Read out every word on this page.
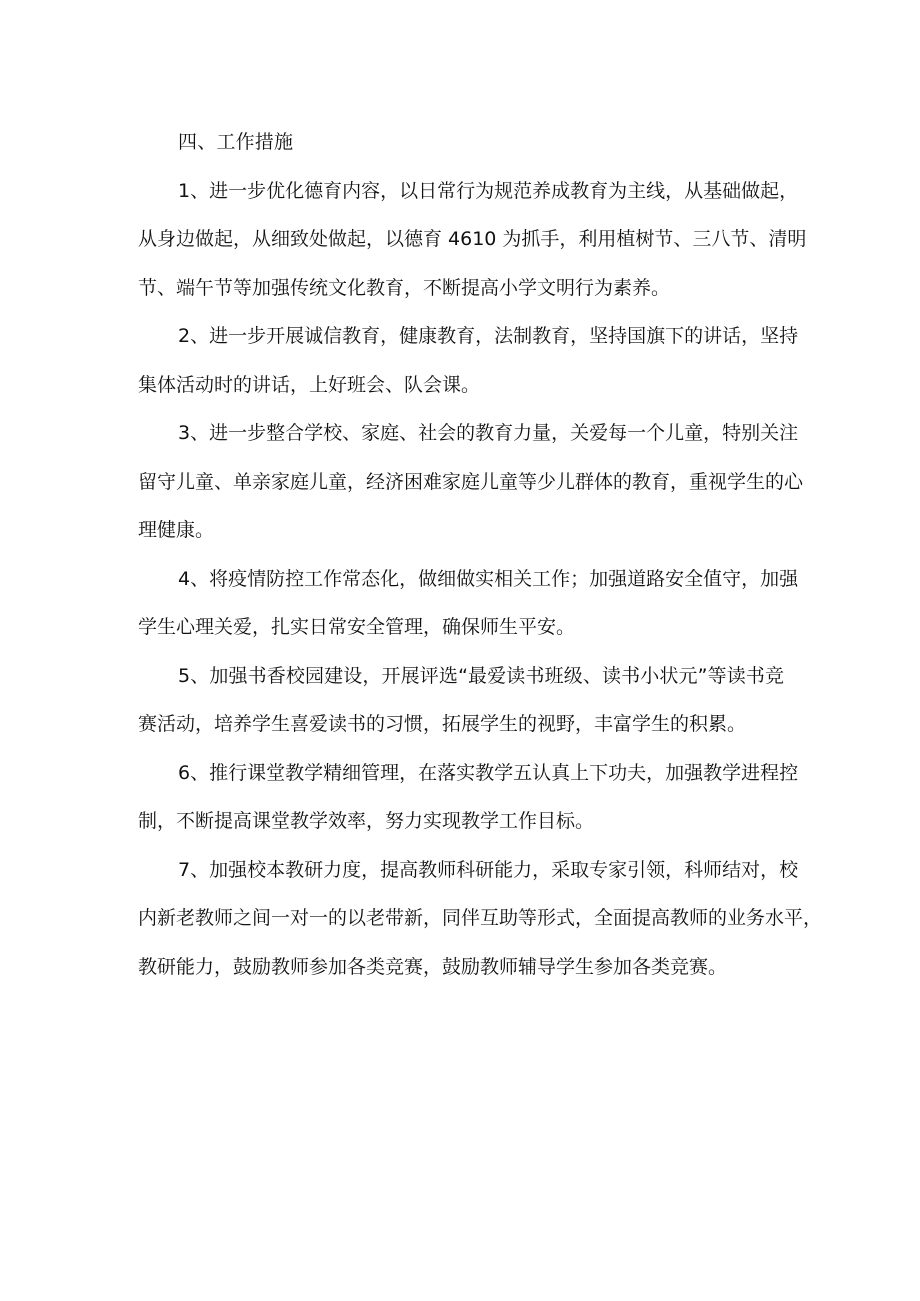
四、工作措施

1、进一步优化德育内容，以日常行为规范养成教育为主线，从基础做起，
从身边做起，从细致处做起，以德育 4610 为抓手，利用植树节、三八节、清明
节、端午节等加强传统文化教育，不断提高小学文明行为素养。
2、进一步开展诚信教育，健康教育，法制教育，坚持国旗下的讲话，坚持
集体活动时的讲话，上好班会、队会课。
3、进一步整合学校、家庭、社会的教育力量，关爱每一个儿童，特别关注
留守儿童、单亲家庭儿童，经济困难家庭儿童等少儿群体的教育，重视学生的心
理健康。
4、将疫情防控工作常态化，做细做实相关工作；加强道路安全值守，加强
学生心理关爱，扎实日常安全管理，确保师生平安。
5、加强书香校园建设，开展评选“最爱读书班级、读书小状元”等读书竞
赛活动，培养学生喜爱读书的习惯，拓展学生的视野，丰富学生的积累。
6、推行课堂教学精细管理，在落实教学五认真上下功夫，加强教学进程控
制，不断提高课堂教学效率，努力实现教学工作目标。
7、加强校本教研力度，提高教师科研能力，采取专家引领，科师结对，校
内新老教师之间一对一的以老带新，同伴互助等形式，全面提高教师的业务水平，
教研能力，鼓励教师参加各类竞赛，鼓励教师辅导学生参加各类竞赛。
